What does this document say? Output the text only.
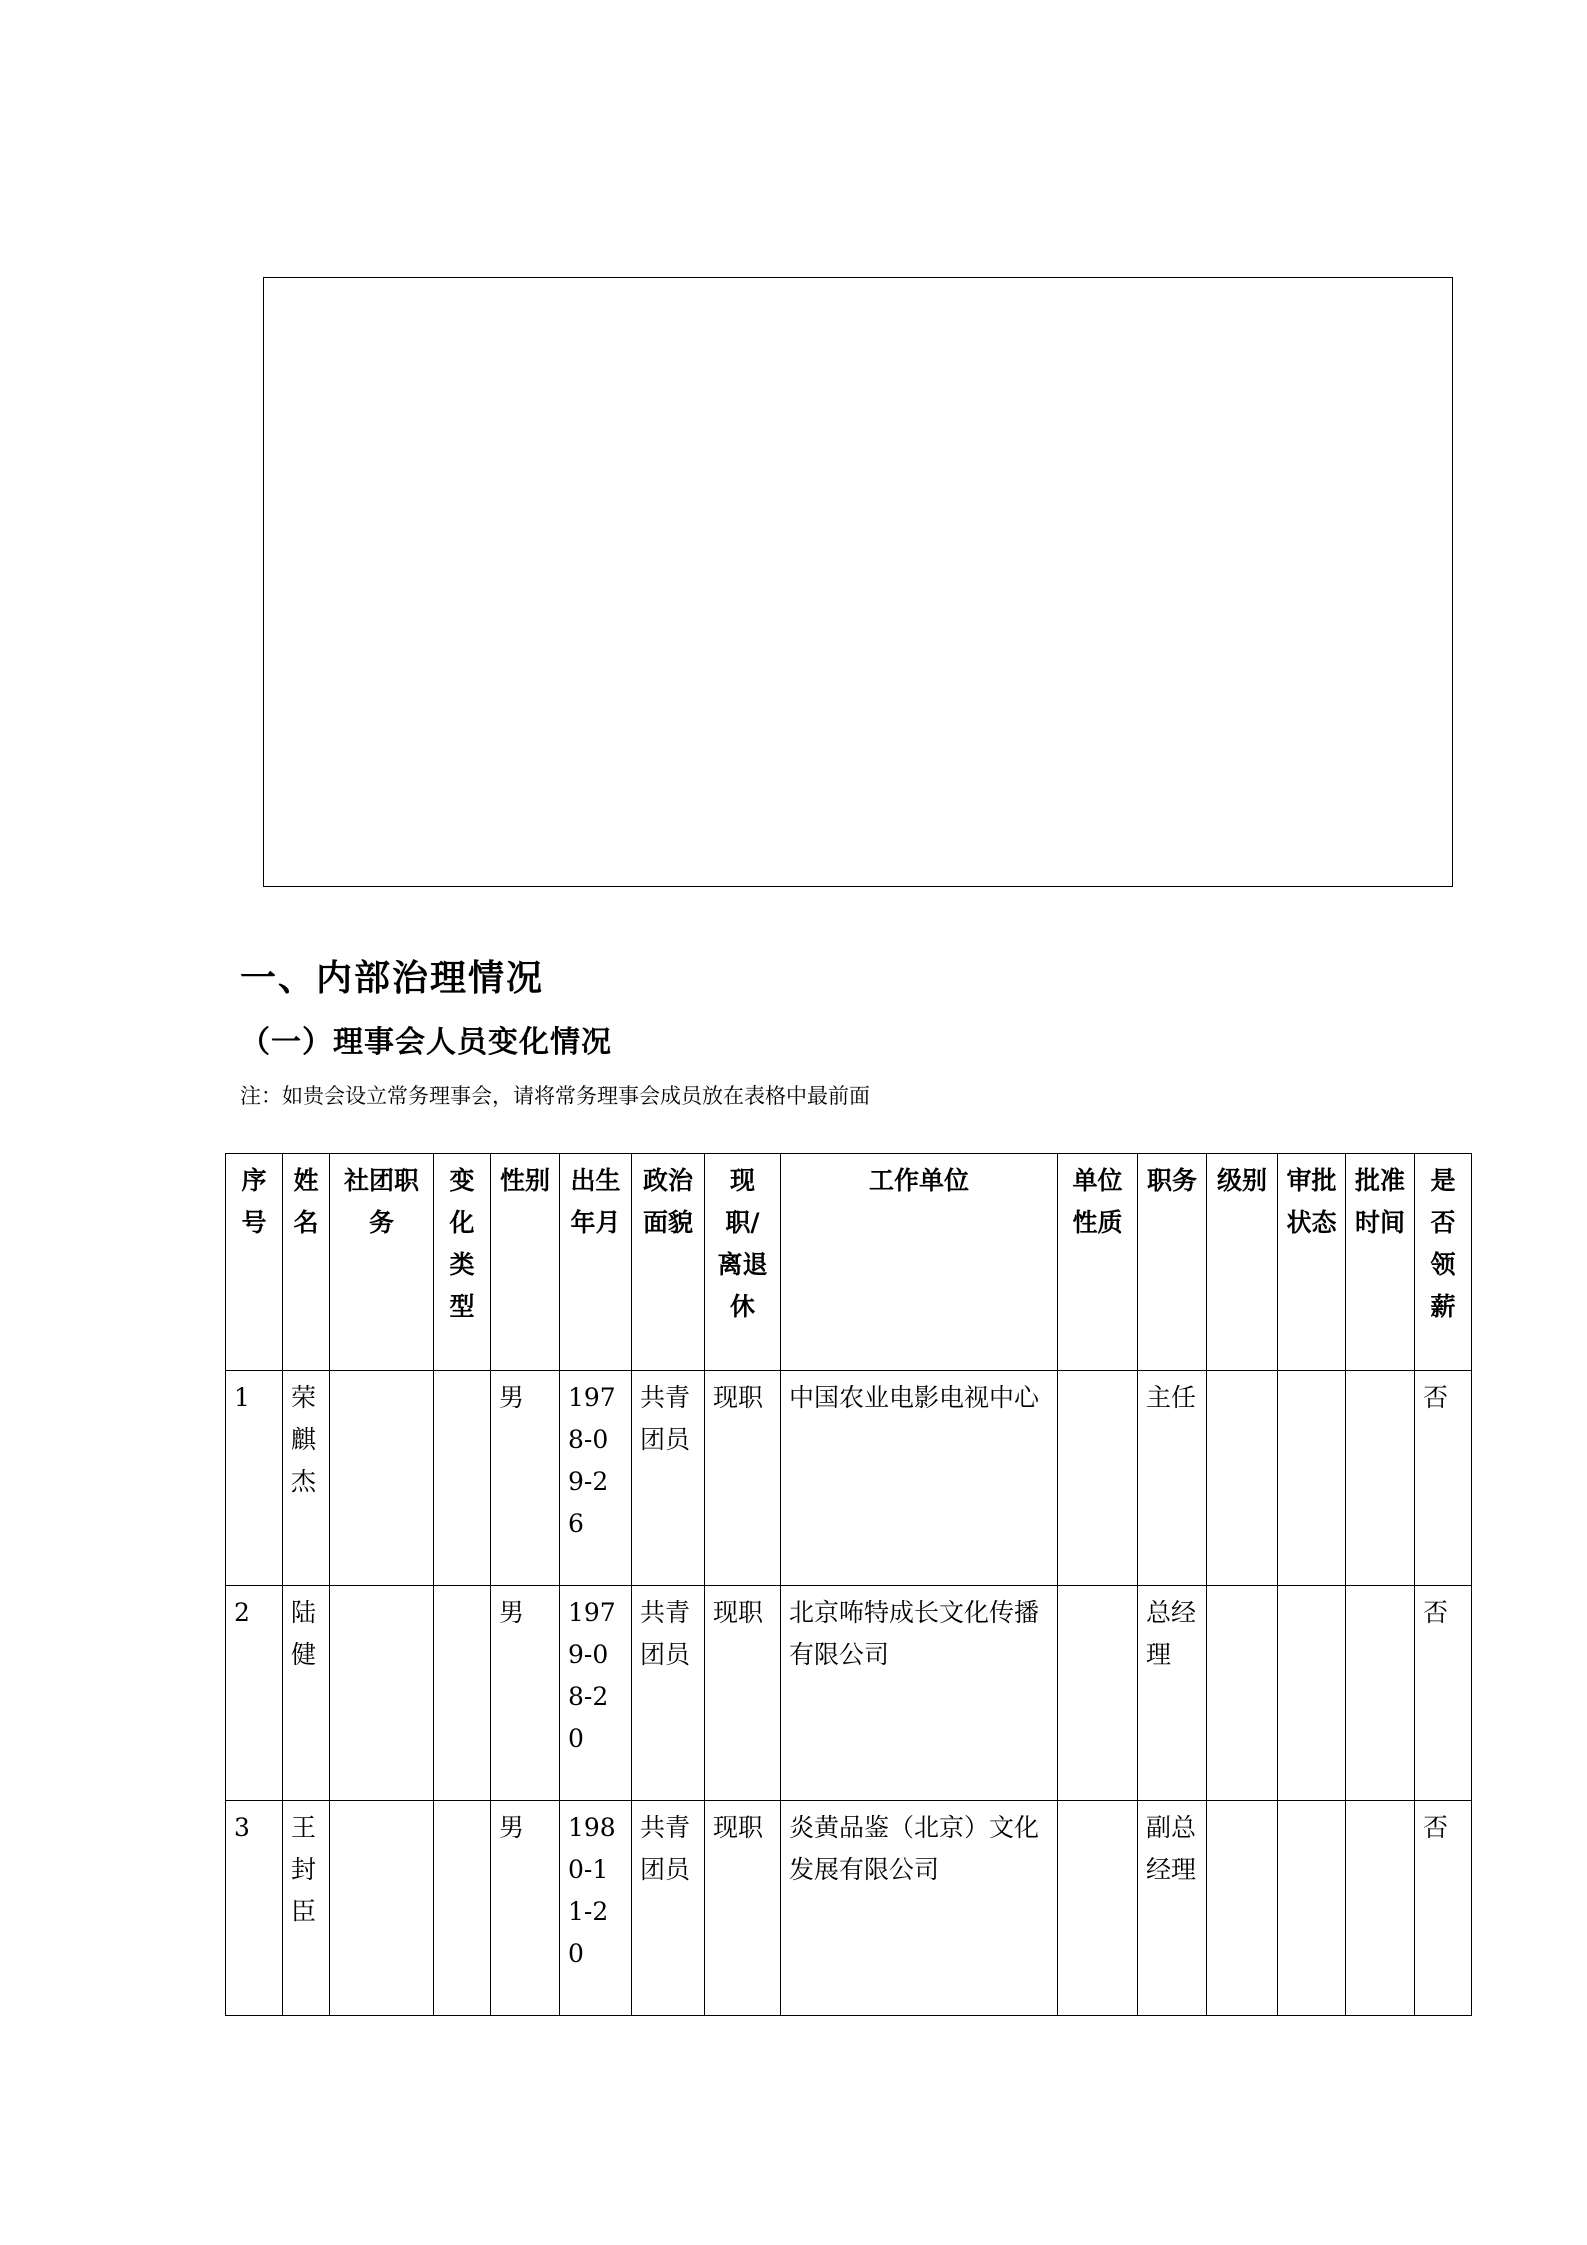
一、内部治理情况
（一）理事会人员变化情况
注：如贵会设立常务理事会，请将常务理事会成员放在表格中最前面
序号	姓名	社团职务	变化类型	性别	出生年月	政治面貌	现职/离退休	工作单位	单位性质	职务	级别	审批状态	批准时间	是否领薪
1	荣麒杰			男	1978-09-26	共青团员	现职	中国农业电影电视中心		主任				否
2	陆健			男	1979-08-20	共青团员	现职	北京咘特成长文化传播有限公司		总经理				否
3	王封臣			男	1980-11-20	共青团员	现职	炎黄品鉴（北京）文化发展有限公司		副总经理				否
